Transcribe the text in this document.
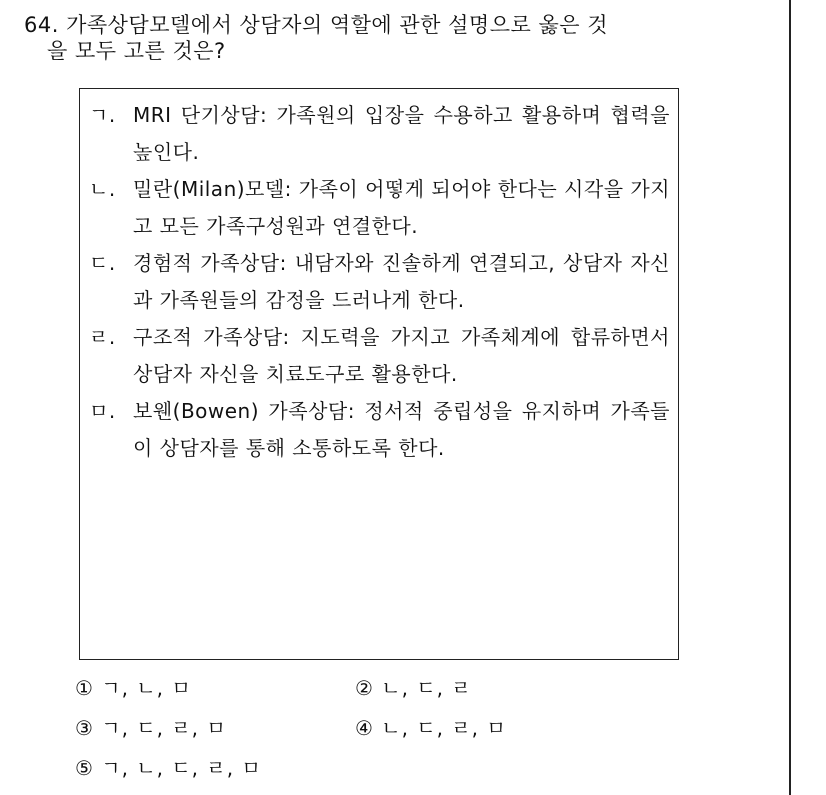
64. 가족상담모델에서 상담자의 역할에 관한 설명으로 옳은 것
을 모두 고른 것은?
ㄱ. MRI 단기상담: 가족원의 입장을 수용하고 활용하며 협력을 높인다.
ㄴ. 밀란(Milan)모델: 가족이 어떻게 되어야 한다는 시각을 가지고 모든 가족구성원과 연결한다.
ㄷ. 경험적 가족상담: 내담자와 진솔하게 연결되고, 상담자 자신과 가족원들의 감정을 드러나게 한다.
ㄹ. 구조적 가족상담: 지도력을 가지고 가족체계에 합류하면서 상담자 자신을 치료도구로 활용한다.
ㅁ. 보웬(Bowen) 가족상담: 정서적 중립성을 유지하며 가족들이 상담자를 통해 소통하도록 한다.
① ㄱ, ㄴ, ㅁ	② ㄴ, ㄷ, ㄹ
③ ㄱ, ㄷ, ㄹ, ㅁ	④ ㄴ, ㄷ, ㄹ, ㅁ
⑤ ㄱ, ㄴ, ㄷ, ㄹ, ㅁ
